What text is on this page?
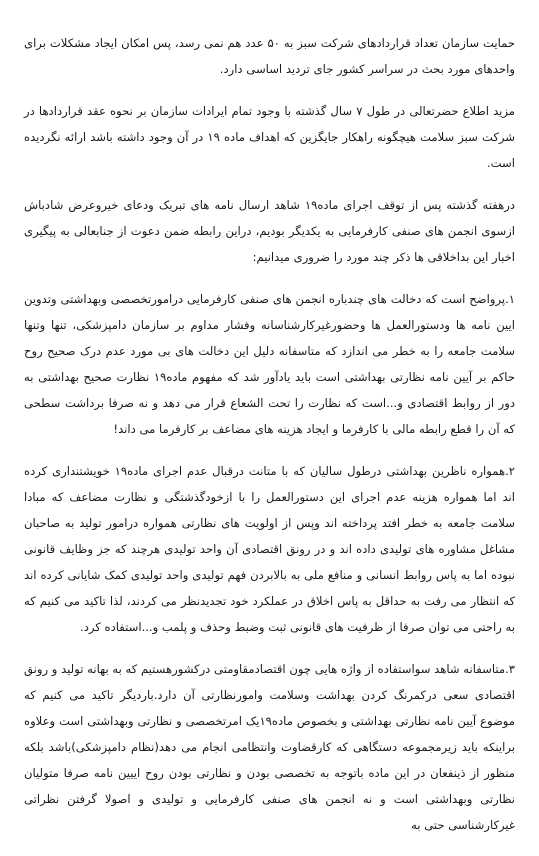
حمایت سازمان تعداد قراردادهای شرکت سبز به ۵۰ عدد هم نمی رسد، پس امکان ایجاد مشکلات برای واحدهای مورد بحث در سراسر کشور جای تردید اساسی دارد.

مزید اطلاع حضرتعالی در طول ۷ سال گذشته با وجود تمام ایرادات سازمان بر نحوه عقد قراردادها در شرکت سبز سلامت هیچگونه راهکار جایگزین که اهداف ماده ۱۹ در آن وجود داشته باشد ارائه نگردیده است.

درهفته گذشته پس از توقف اجرای ماده۱۹ شاهد ارسال نامه های تبریک ودعای خیروعرض شادباش ازسوی انجمن های صنفی کارفرمایی به یکدیگر بودیم، دراین رابطه ضمن دعوت از جنابعالی به پیگیری اخبار این بداخلاقی ها ذکر چند مورد را ضروری میدانیم:

۱.پرواضح است که دخالت های چندباره انجمن های صنفی کارفرمایی درامورتخصصی وبهداشتی وتدوین ایین نامه ها ودستورالعمل ها وحضورغیرکارشناسانه وفشار مداوم بر سازمان دامپزشکی، تنها وتنها سلامت جامعه را به خطر می اندازد که متاسفانه دلیل این دخالت های بی مورد عدم درک صحیح روح حاکم بر آیین نامه نظارتی بهداشتی است باید یادآور شد که مفهوم ماده۱۹ نظارت صحیح بهداشتی به دور از روابط اقتصادی و...است که نظارت را تحت الشعاع قرار می دهد و نه صرفا برداشت سطحی که آن را قطع رابطه مالی با کارفرما و ایجاد هزینه های مضاعف بر کارفرما می داند!

۲.همواره ناظرین بهداشتی درطول سالیان که با متانت درقبال عدم اجرای ماده۱۹ خویشتنداری کرده اند اما همواره هزینه عدم اجرای این دستورالعمل را با ازخودگذشتگی و نظارت مضاعف که مبادا سلامت جامعه به خطر افتد پرداخته اند وپس از اولویت های نظارتی همواره درامور تولید به صاحبان مشاغل مشاوره های تولیدی داده اند و در رونق اقتصادی آن واحد تولیدی هرچند که جز وظایف قانونی نبوده اما به پاس روابط انسانی و منافع ملی به بالابردن فهم تولیدی واحد تولیدی کمک شایانی کرده اند که انتظار می رفت به حداقل به پاس اخلاق در عملکرد خود تجدیدنظر می کردند، لذا تاکید می کنیم که به راحتی می توان صرفا از ظرفیت های قانونی ثبت وضبط وحذف و پلمب و...استفاده کرد.

۳.متاسفانه شاهد سواستفاده از واژه هایی چون اقتصادمقاومتی درکشورهستیم که به بهانه تولید و رونق اقتصادی سعی درکمرنگ کردن بهداشت وسلامت وامورنظارتی آن دارد.باردیگر تاکید می کنیم که موضوع آیین نامه نظارتی بهداشتی و بخصوص ماده۱۹یک امرتخصصی و نظارتی وبهداشتی است وعلاوه براینکه باید زیرمجموعه دستگاهی که کارقضاوت وانتظامی انجام می دهد(نظام دامپزشکی)باشد بلکه منظور از ذینفعان در این ماده باتوجه به تخصصی بودن و نظارتی بودن روح اییین نامه صرفا متولیان نظارتی وبهداشتی است و نه انجمن های صنفی کارفرمایی و تولیدی و اصولا گرفتن نظراتی غیرکارشناسی حتی به
